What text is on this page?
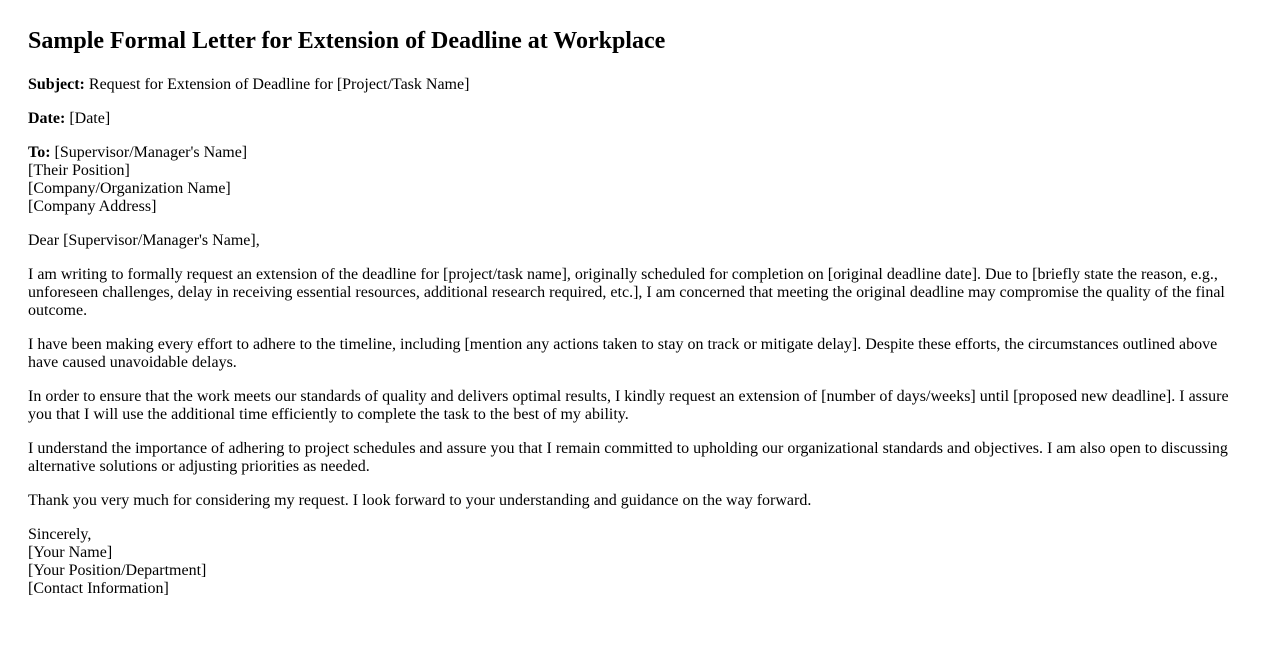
Sample Formal Letter for Extension of Deadline at Workplace

Subject: Request for Extension of Deadline for [Project/Task Name]

Date: [Date]

To: [Supervisor/Manager's Name]
[Their Position]
[Company/Organization Name]
[Company Address]

Dear [Supervisor/Manager's Name],

I am writing to formally request an extension of the deadline for [project/task name], originally scheduled for completion on [original deadline date]. Due to [briefly state the reason, e.g., unforeseen challenges, delay in receiving essential resources, additional research required, etc.], I am concerned that meeting the original deadline may compromise the quality of the final outcome.

I have been making every effort to adhere to the timeline, including [mention any actions taken to stay on track or mitigate delay]. Despite these efforts, the circumstances outlined above have caused unavoidable delays.

In order to ensure that the work meets our standards of quality and delivers optimal results, I kindly request an extension of [number of days/weeks] until [proposed new deadline]. I assure you that I will use the additional time efficiently to complete the task to the best of my ability.

I understand the importance of adhering to project schedules and assure you that I remain committed to upholding our organizational standards and objectives. I am also open to discussing alternative solutions or adjusting priorities as needed.

Thank you very much for considering my request. I look forward to your understanding and guidance on the way forward.

Sincerely,
[Your Name]
[Your Position/Department]
[Contact Information]
